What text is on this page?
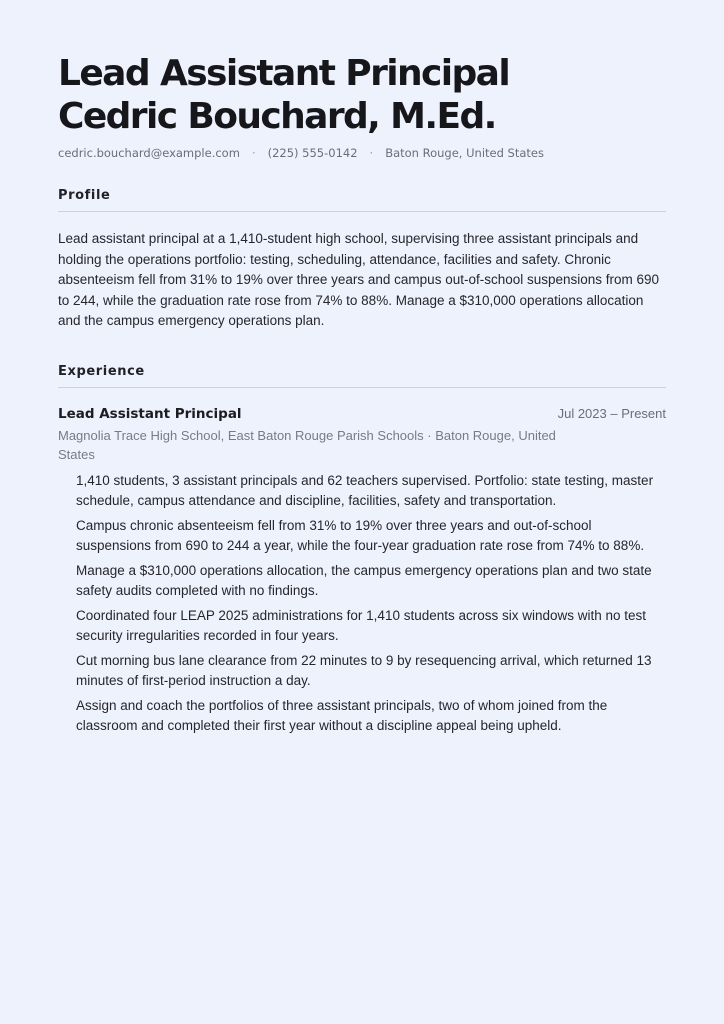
Lead Assistant Principal
Cedric Bouchard, M.Ed.
cedric.bouchard@example.com · (225) 555-0142 · Baton Rouge, United States
Profile
Lead assistant principal at a 1,410-student high school, supervising three assistant principals and holding the operations portfolio: testing, scheduling, attendance, facilities and safety. Chronic absenteeism fell from 31% to 19% over three years and campus out-of-school suspensions from 690 to 244, while the graduation rate rose from 74% to 88%. Manage a $310,000 operations allocation and the campus emergency operations plan.
Experience
Lead Assistant Principal	Jul 2023 – Present
Magnolia Trace High School, East Baton Rouge Parish Schools · Baton Rouge, United States
1,410 students, 3 assistant principals and 62 teachers supervised. Portfolio: state testing, master schedule, campus attendance and discipline, facilities, safety and transportation.
Campus chronic absenteeism fell from 31% to 19% over three years and out-of-school suspensions from 690 to 244 a year, while the four-year graduation rate rose from 74% to 88%.
Manage a $310,000 operations allocation, the campus emergency operations plan and two state safety audits completed with no findings.
Coordinated four LEAP 2025 administrations for 1,410 students across six windows with no test security irregularities recorded in four years.
Cut morning bus lane clearance from 22 minutes to 9 by resequencing arrival, which returned 13 minutes of first-period instruction a day.
Assign and coach the portfolios of three assistant principals, two of whom joined from the classroom and completed their first year without a discipline appeal being upheld.
